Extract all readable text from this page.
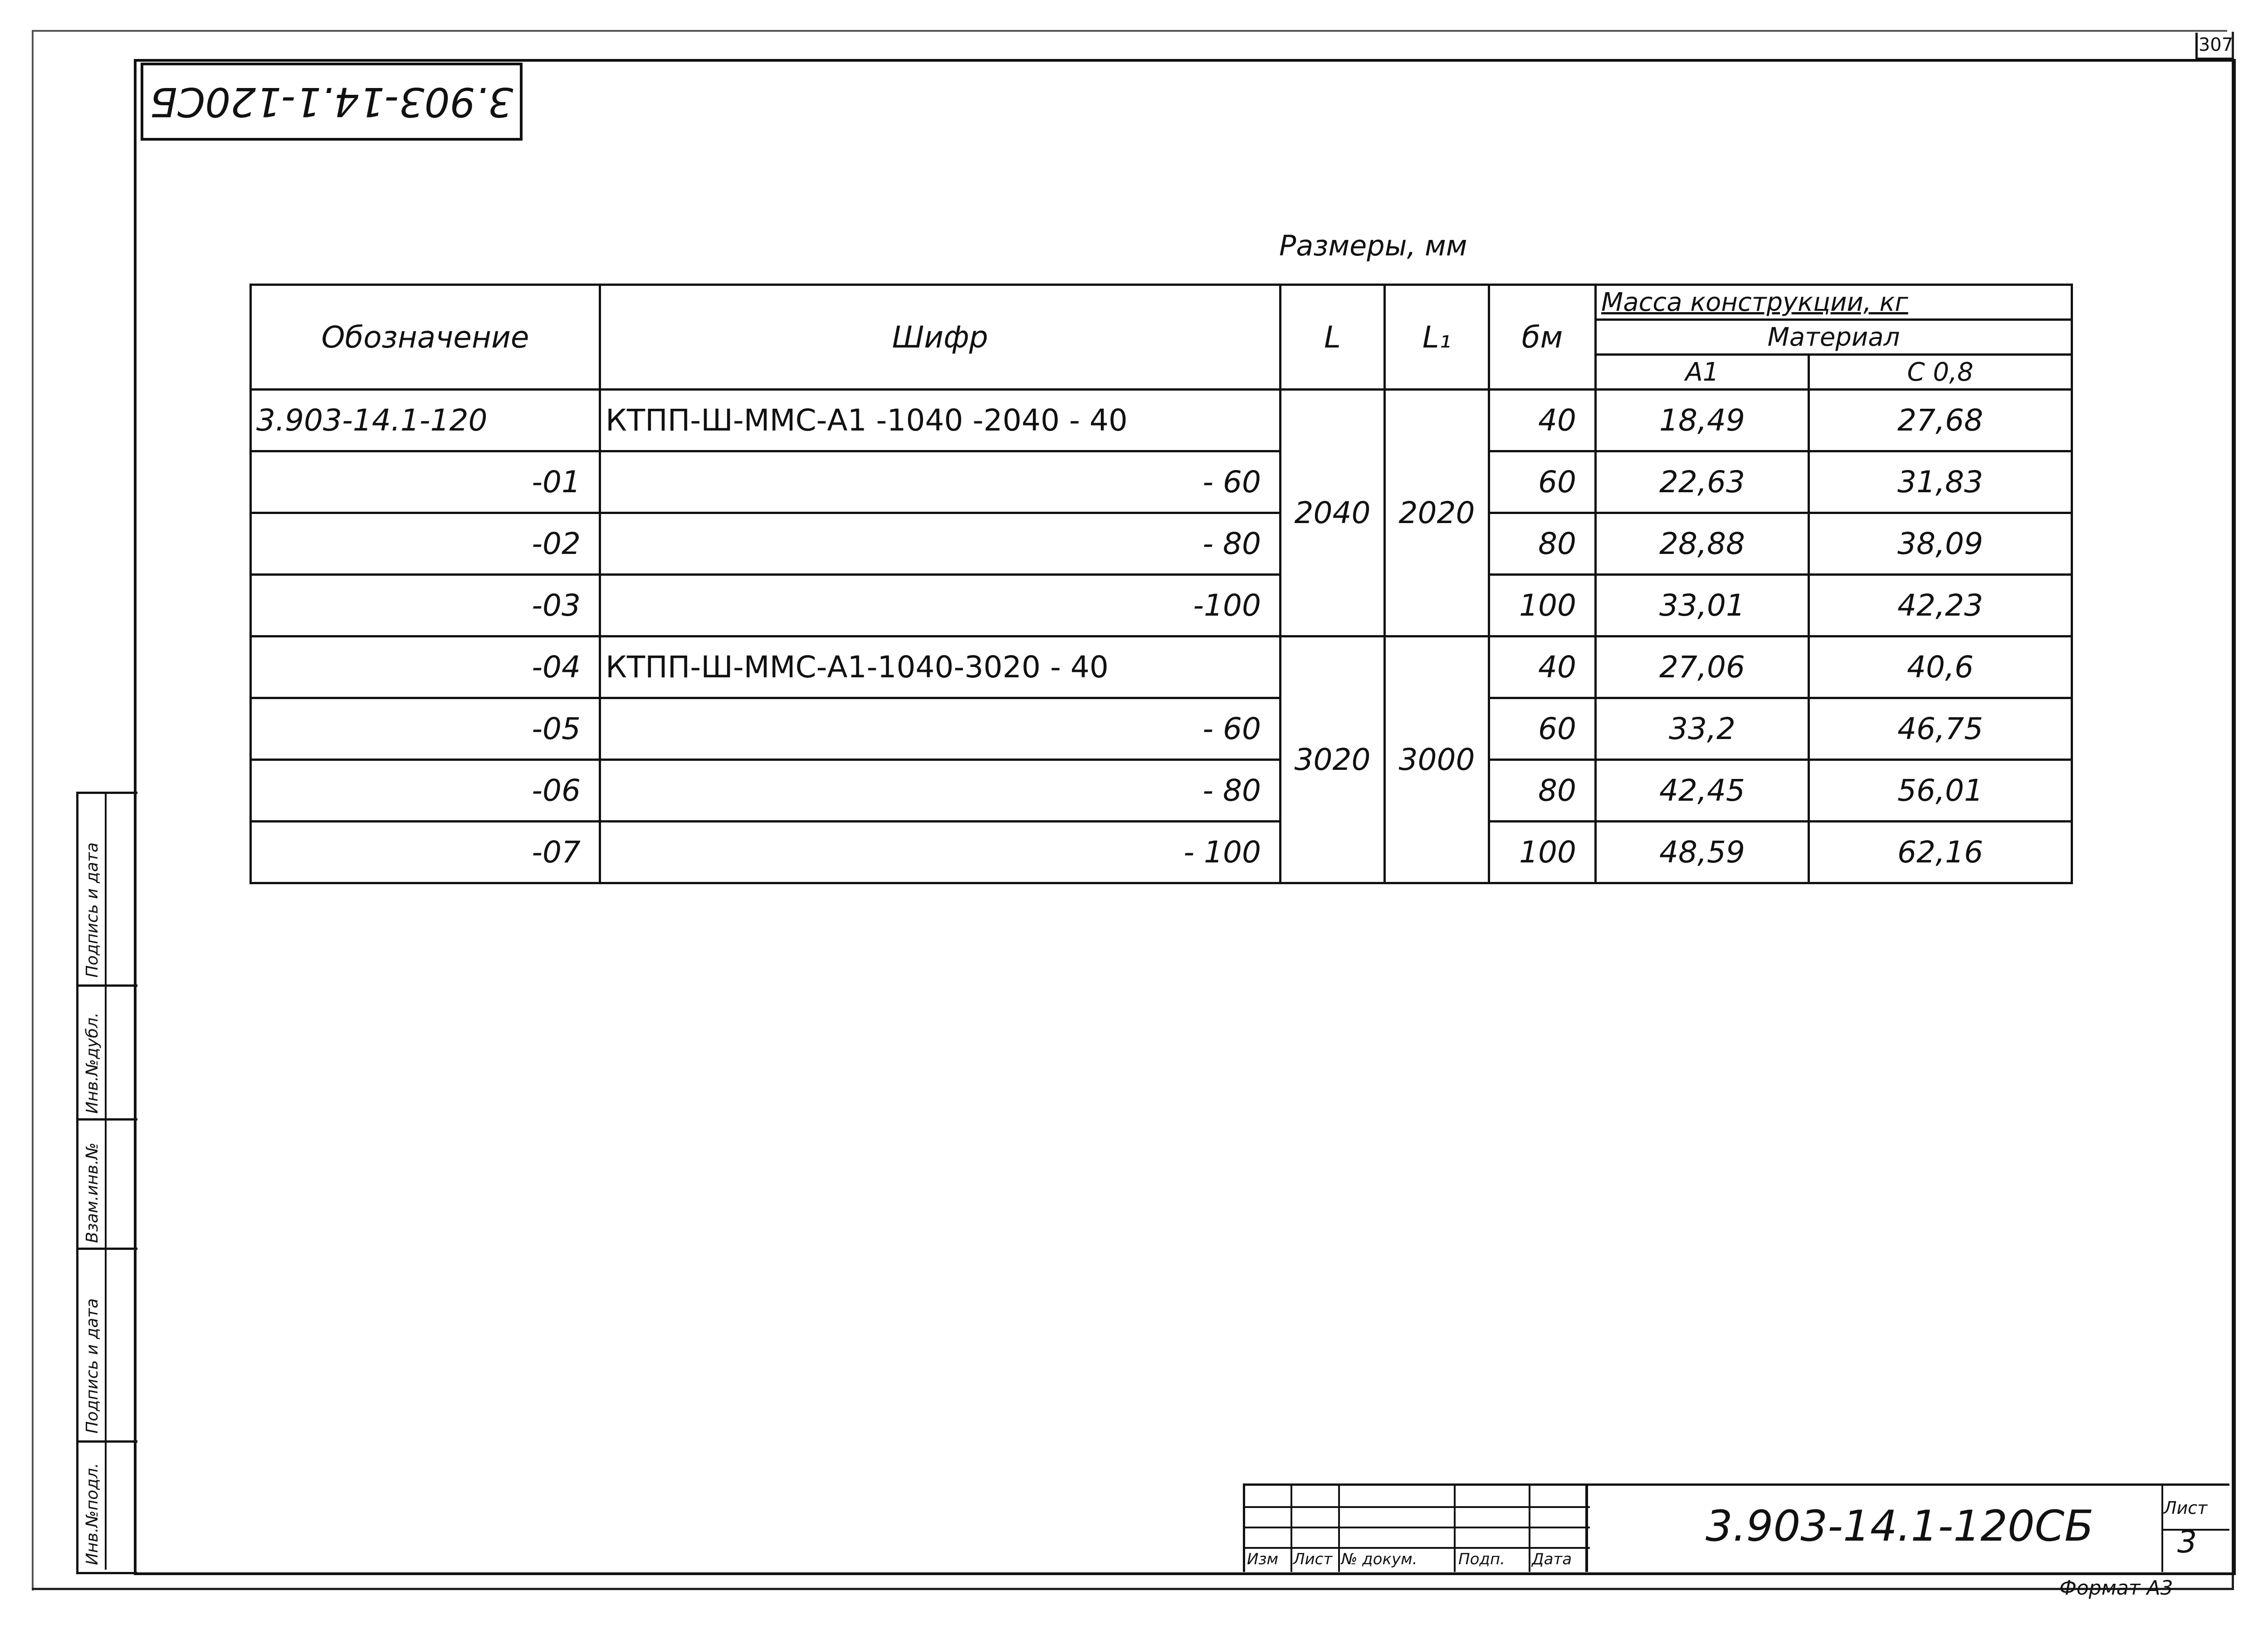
307
3.903-14.1-120СБ
Размеры, мм
Обозначение	Шифр	L	L₁	бм	Масса конструкции, кг	
					Материал	
					А1	С 0,8
3.903-14.1-120	КТПП-Ш-ММС-А1 -1040 -2040 - 40	2040	2020	40	18,49	27,68
-01	- 60			60	22,63	31,83
-02	- 80			80	28,88	38,09
-03	-100			100	33,01	42,23
-04	КТПП-Ш-ММС-А1-1040-3020 - 40	3020	3000	40	27,06	40,6
-05	- 60			60	33,2	46,75
-06	- 80			80	42,45	56,01
-07	- 100			100	48,59	62,16
Подпись и дата
Инв.№дубл.
Взам.инв.№
Подпись и дата
Инв.№подл.	Изм Лист № докум.	Подп. Дата
3.903-14.1-120СБ	Лист
3
Формат А3
